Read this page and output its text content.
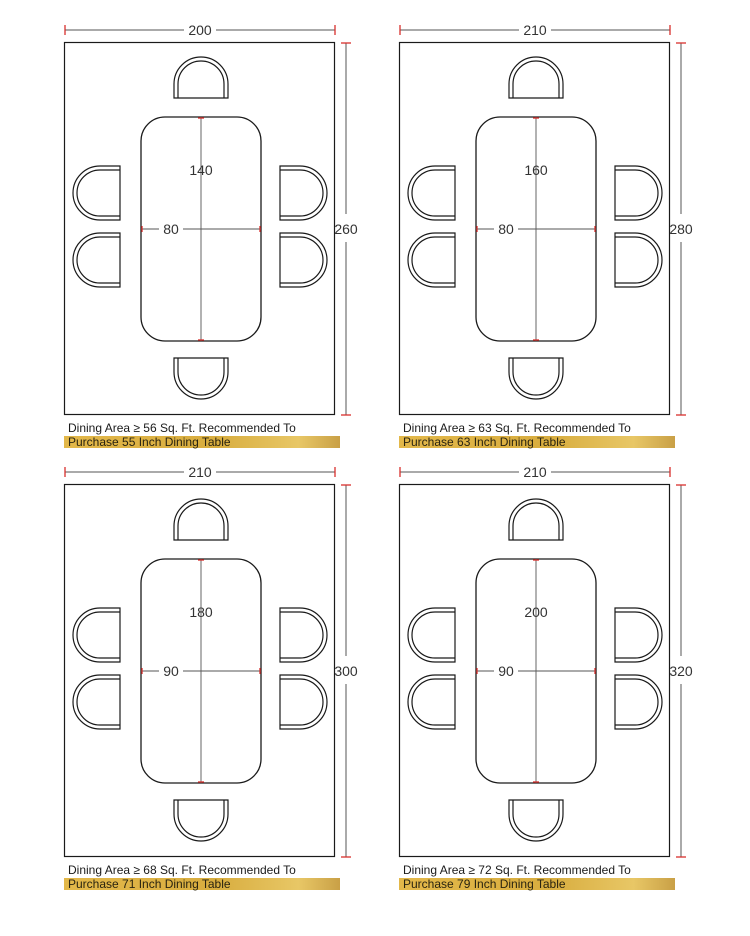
200
260
140
80
210
280
160
80
210
300
180
90
210
320
200
90
Dining Area ≥ 56 Sq. Ft. Recommended To
Purchase 55 Inch Dining Table
Dining Area ≥ 63 Sq. Ft. Recommended To
Purchase 63 Inch Dining Table
Dining Area ≥ 68 Sq. Ft. Recommended To
Purchase 71 Inch Dining Table
Dining Area ≥ 72 Sq. Ft. Recommended To
Purchase 79 Inch Dining Table
